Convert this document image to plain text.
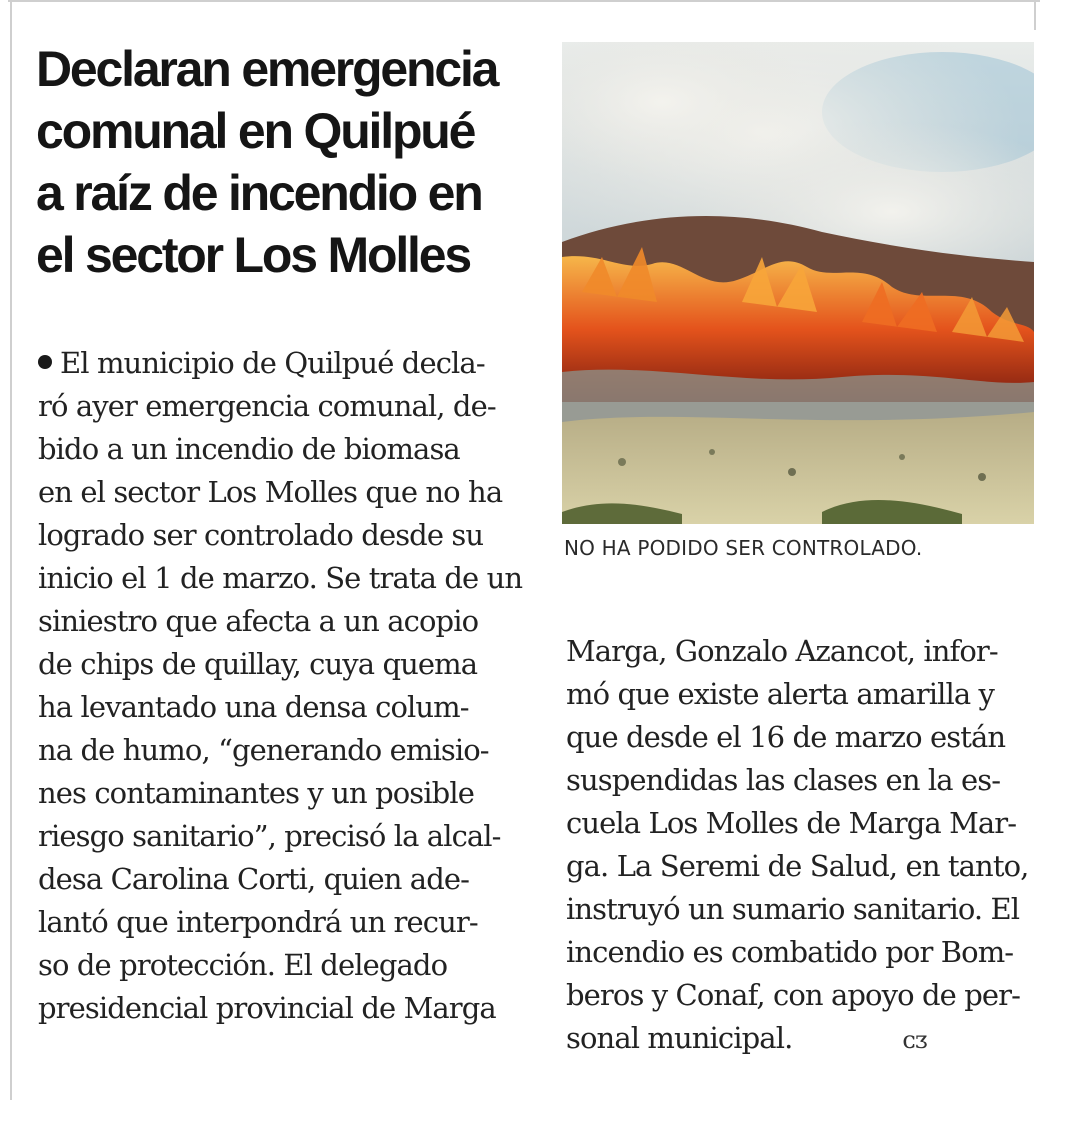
Declaran emergencia
comunal en Quilpué
a raíz de incendio en
el sector Los Molles
El municipio de Quilpué decla-
ró ayer emergencia comunal, de-
bido a un incendio de biomasa
en el sector Los Molles que no ha
logrado ser controlado desde su
inicio el 1 de marzo. Se trata de un
siniestro que afecta a un acopio
de chips de quillay, cuya quema
ha levantado una densa colum-
na de humo, “generando emisio-
nes contaminantes y un posible
riesgo sanitario”, precisó la alcal-
desa Carolina Corti, quien ade-
lantó que interpondrá un recur-
so de protección. El delegado
presidencial provincial de Marga
NO HA PODIDO SER CONTROLADO.
Marga, Gonzalo Azancot, infor-
mó que existe alerta amarilla y
que desde el 16 de marzo están
suspendidas las clases en la es-
cuela Los Molles de Marga Mar-
ga. La Seremi de Salud, en tanto,
instruyó un sumario sanitario. El
incendio es combatido por Bom-
beros y Conaf, con apoyo de per-
sonal municipal.	ᴄᴣ
